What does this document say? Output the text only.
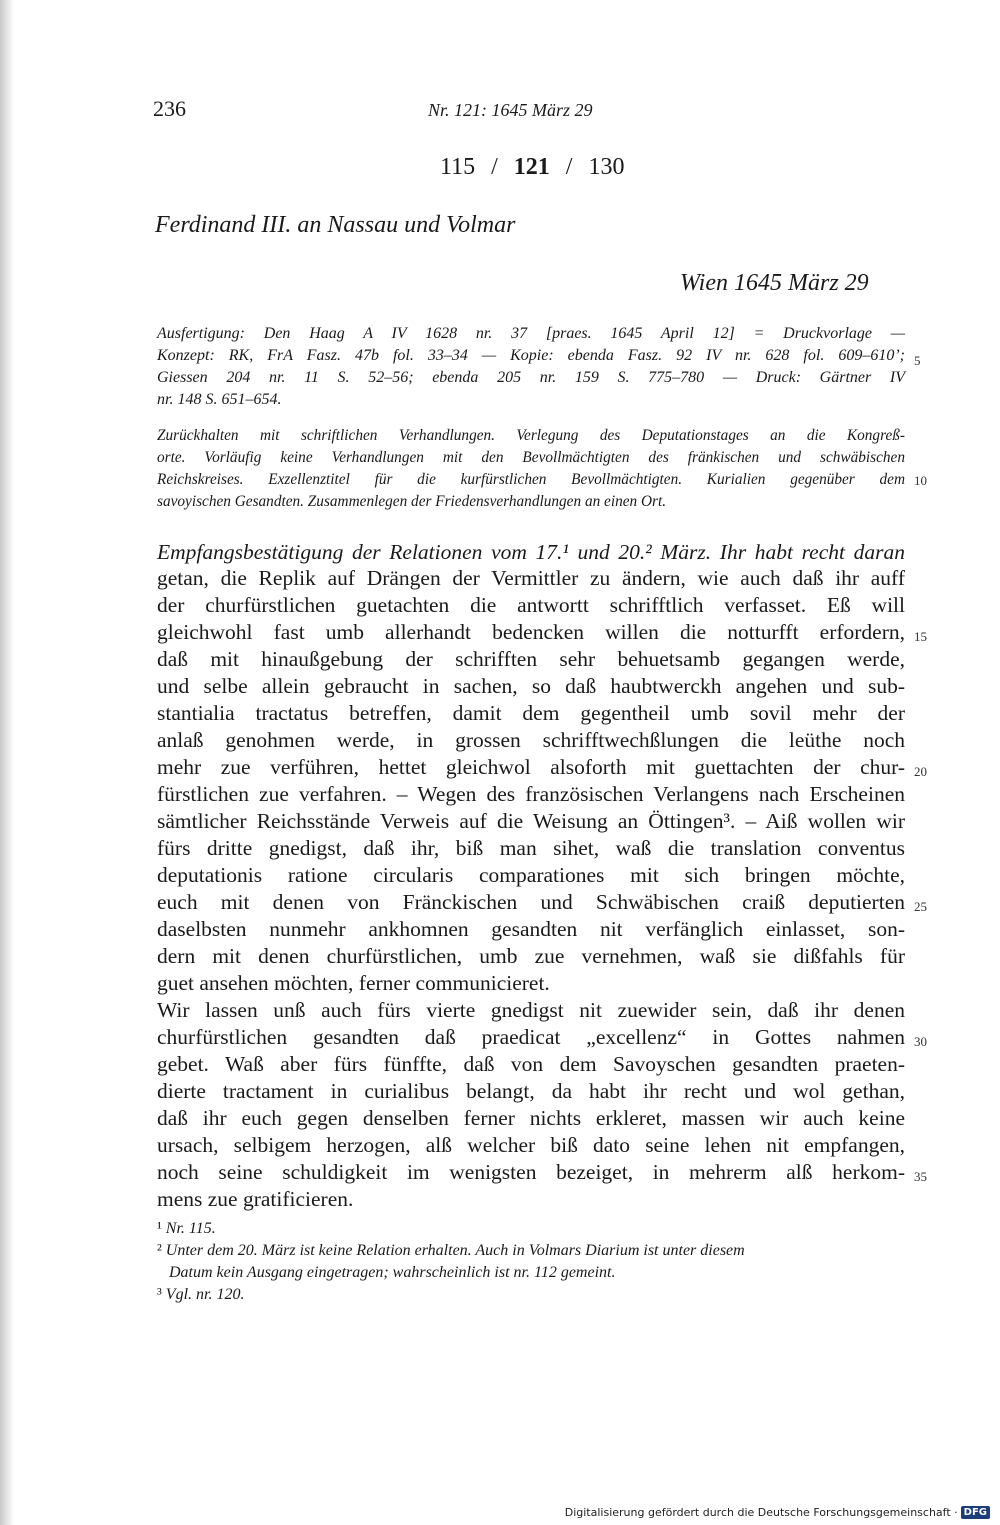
236	Nr. 121: 1645 März 29
115 / 121 / 130
Ferdinand III. an Nassau und Volmar
Wien 1645 März 29
Ausfertigung: Den Haag A IV 1628 nr. 37 [praes. 1645 April 12] = Druckvorlage —
Konzept: RK, FrA Fasz. 47b fol. 33–34 — Kopie: ebenda Fasz. 92 IV nr. 628 fol. 609–610’;
Giessen 204 nr. 11 S. 52–56; ebenda 205 nr. 159 S. 775–780 — Druck: Gärtner IV
nr. 148 S. 651–654.
5
Zurückhalten mit schriftlichen Verhandlungen. Verlegung des Deputationstages an die Kongreß-
orte. Vorläufig keine Verhandlungen mit den Bevollmächtigten des fränkischen und schwäbischen
Reichskreises. Exzellenztitel für die kurfürstlichen Bevollmächtigten. Kurialien gegenüber dem
savoyischen Gesandten. Zusammenlegen der Friedensverhandlungen an einen Ort.
10
Empfangsbestätigung der Relationen vom 17.¹ und 20.² März. Ihr habt recht daran
getan, die Replik auf Drängen der Vermittler zu ändern, wie auch daß ihr auff
der churfürstlichen guetachten die antwortt schrifftlich verfasset. Eß will
gleichwohl fast umb allerhandt bedencken willen die notturfft erfordern,
daß mit hinaußgebung der schrifften sehr behuetsamb gegangen werde,
und selbe allein gebraucht in sachen, so daß haubtwerckh angehen und sub-
stantialia tractatus betreffen, damit dem gegentheil umb sovil mehr der
anlaß genohmen werde, in grossen schrifftwechßlungen die leüthe noch
mehr zue verführen, hettet gleichwol alsoforth mit guettachten der chur-
fürstlichen zue verfahren. – Wegen des französischen Verlangens nach Erscheinen
sämtlicher Reichsstände Verweis auf die Weisung an Öttingen³. – Aiß wollen wir
fürs dritte gnedigst, daß ihr, biß man sihet, waß die translation conventus
deputationis ratione circularis comparationes mit sich bringen möchte,
euch mit denen von Fränckischen und Schwäbischen craiß deputierten
daselbsten nunmehr ankhomnen gesandten nit verfänglich einlasset, son-
dern mit denen churfürstlichen, umb zue vernehmen, waß sie dißfahls für
guet ansehen möchten, ferner communicieret.
Wir lassen unß auch fürs vierte gnedigst nit zuewider sein, daß ihr denen
churfürstlichen gesandten daß praedicat „excellenz“ in Gottes nahmen
gebet. Waß aber fürs fünffte, daß von dem Savoyschen gesandten praeten-
dierte tractament in curialibus belangt, da habt ihr recht und wol gethan,
daß ihr euch gegen denselben ferner nichts erkleret, massen wir auch keine
ursach, selbigem herzogen, alß welcher biß dato seine lehen nit empfangen,
noch seine schuldigkeit im wenigsten bezeiget, in mehrerm alß herkom-
mens zue gratificieren.
15
20
25
30
35
¹ Nr. 115.
² Unter dem 20. März ist keine Relation erhalten. Auch in Volmars Diarium ist unter diesem
Datum kein Ausgang eingetragen; wahrscheinlich ist nr. 112 gemeint.
³ Vgl. nr. 120.
Digitalisierung gefördert durch die Deutsche Forschungsgemeinschaft · DFG
